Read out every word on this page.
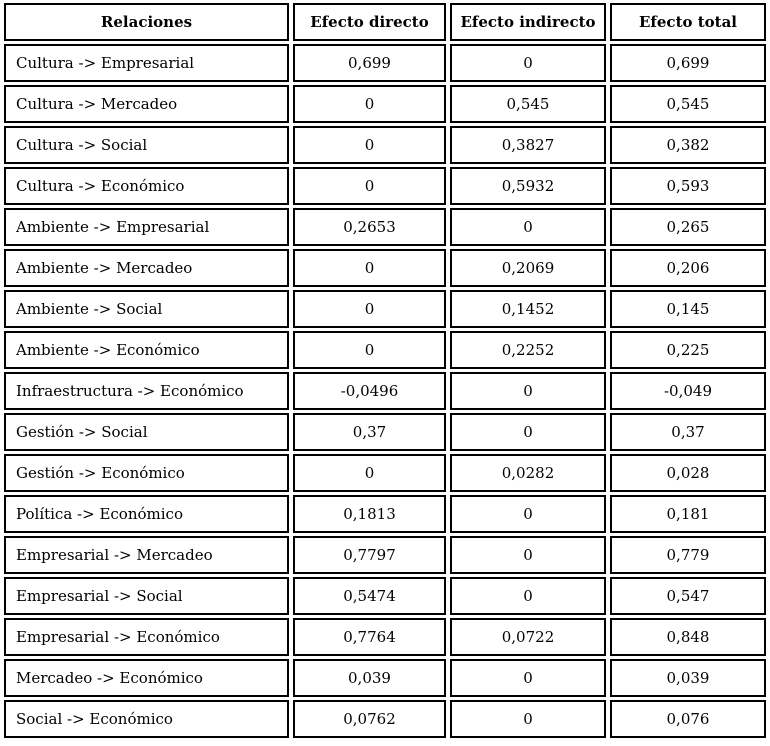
Relaciones	Efecto directo	Efecto indirecto	Efecto total
Cultura -> Empresarial	0,699	0	0,699
Cultura -> Mercadeo	0	0,545	0,545
Cultura -> Social	0	0,3827	0,382
Cultura -> Económico	0	0,5932	0,593
Ambiente -> Empresarial	0,2653	0	0,265
Ambiente -> Mercadeo	0	0,2069	0,206
Ambiente -> Social	0	0,1452	0,145
Ambiente -> Económico	0	0,2252	0,225
Infraestructura -> Económico	-0,0496	0	-0,049
Gestión -> Social	0,37	0	0,37
Gestión -> Económico	0	0,0282	0,028
Política -> Económico	0,1813	0	0,181
Empresarial -> Mercadeo	0,7797	0	0,779
Empresarial -> Social	0,5474	0	0,547
Empresarial -> Económico	0,7764	0,0722	0,848
Mercadeo -> Económico	0,039	0	0,039
Social -> Económico	0,0762	0	0,076
